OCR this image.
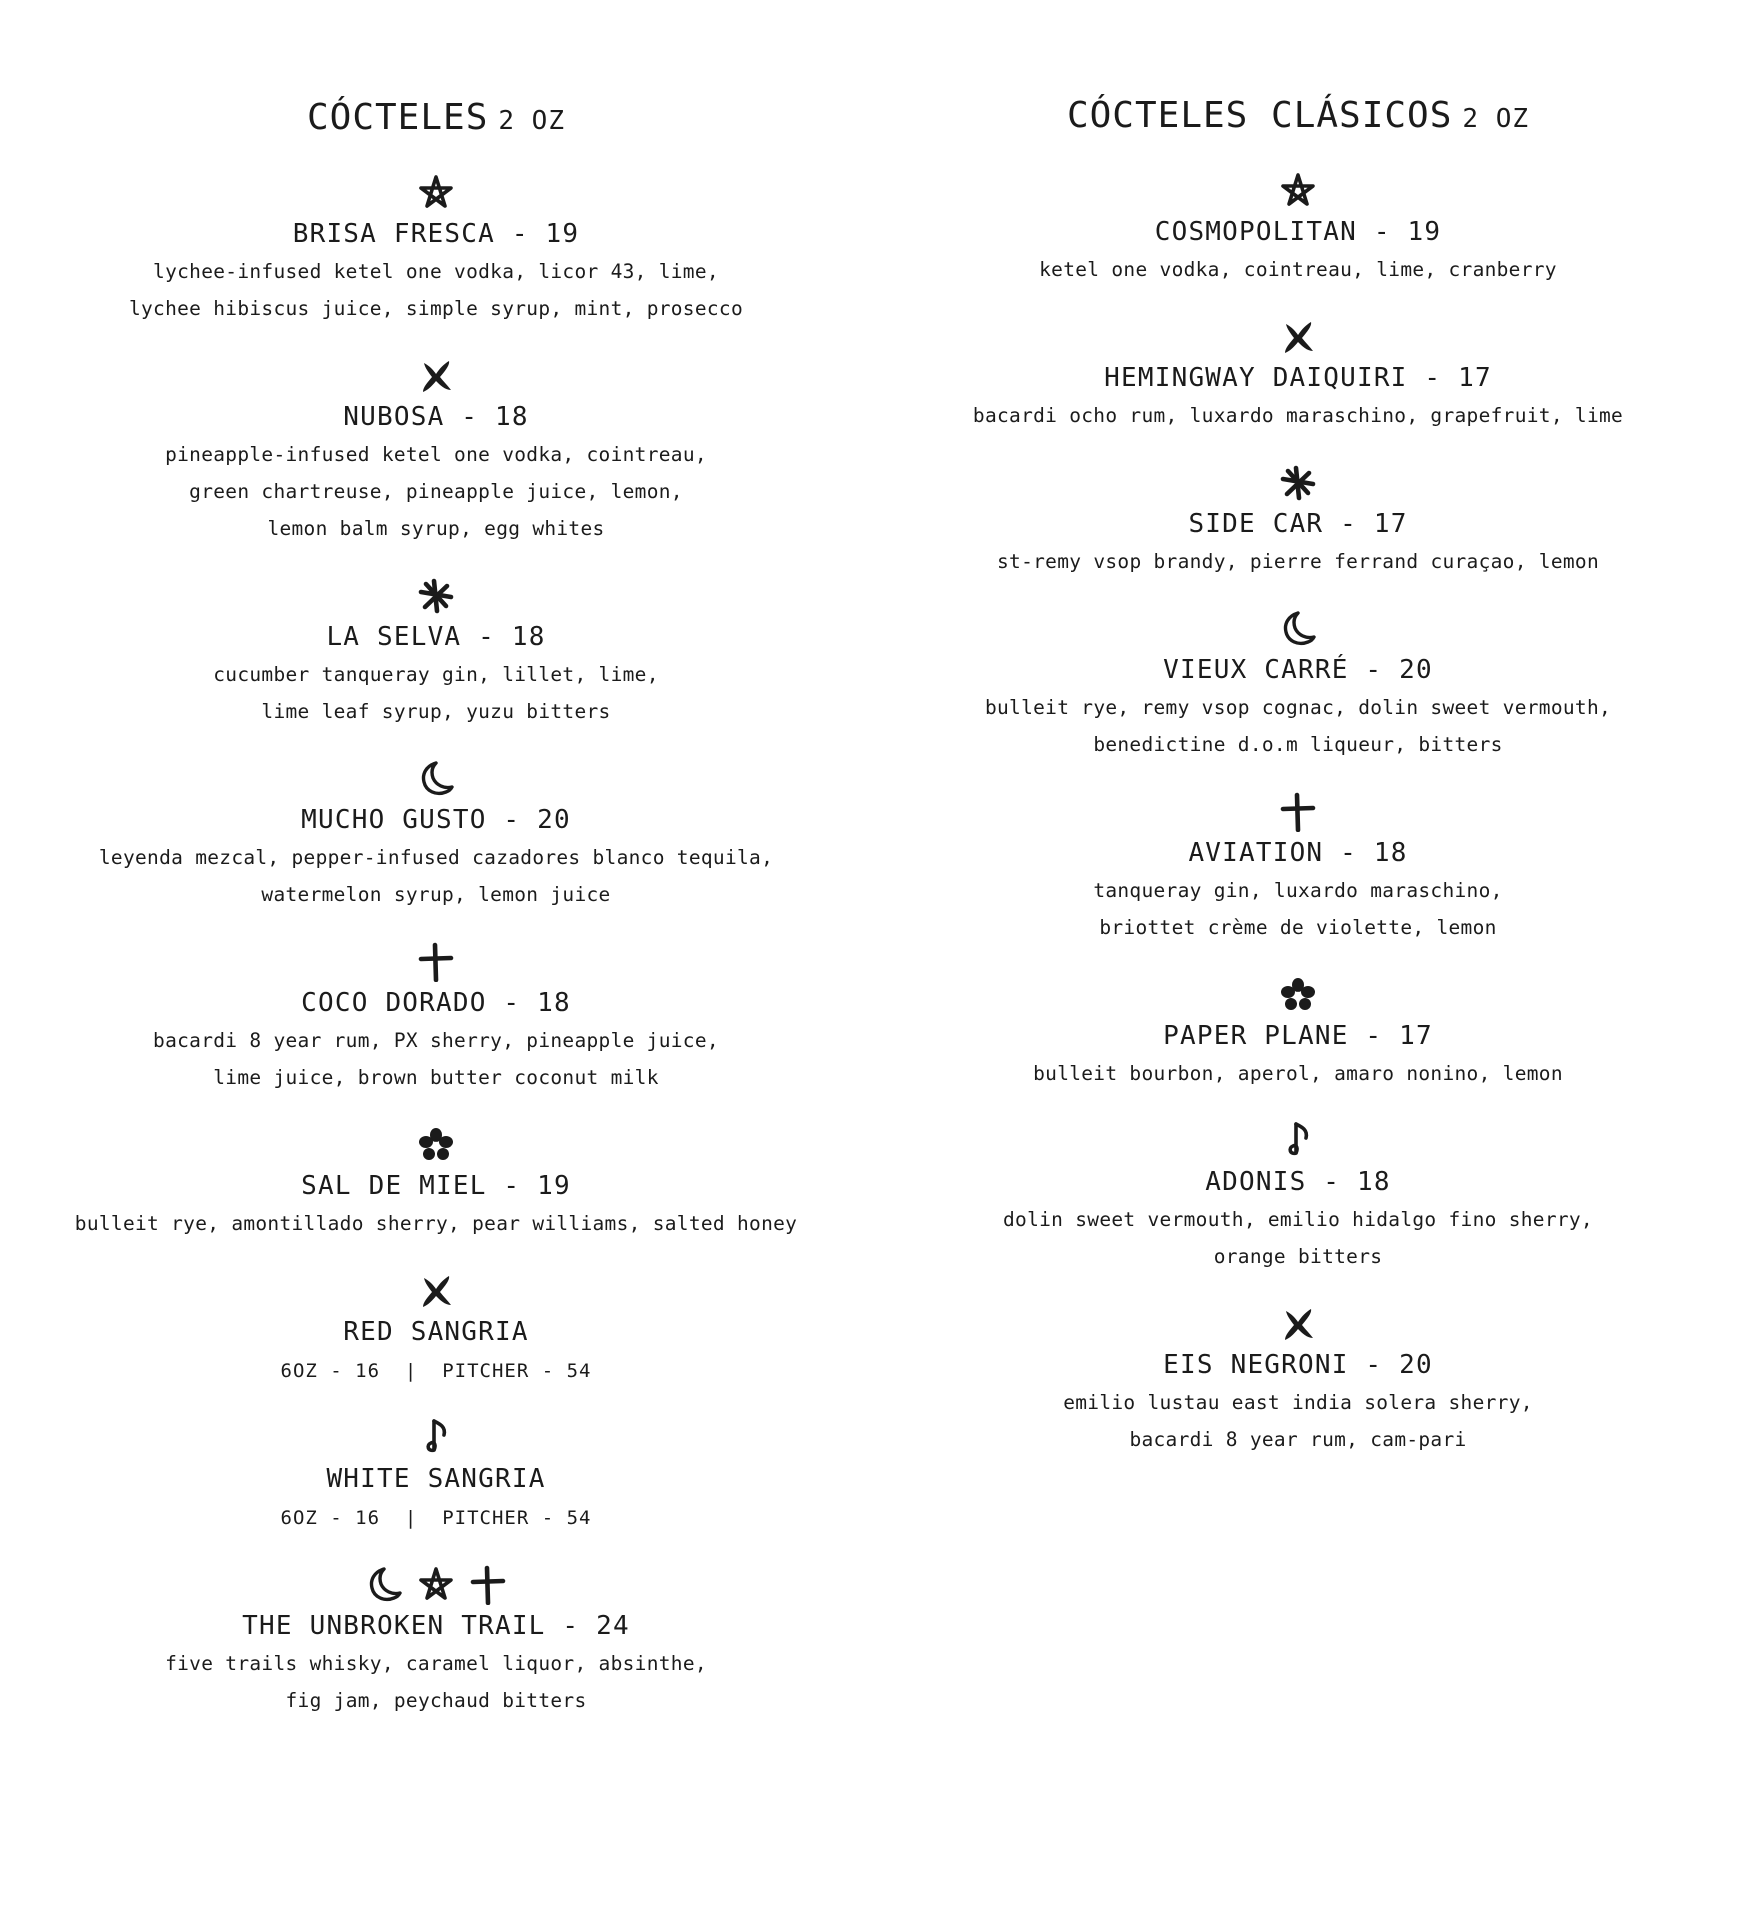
CÓCTELES 2 OZ
BRISA FRESCA - 19
lychee-infused ketel one vodka, licor 43, lime,
lychee hibiscus juice, simple syrup, mint, prosecco
NUBOSA - 18
pineapple-infused ketel one vodka, cointreau,
green chartreuse, pineapple juice, lemon,
lemon balm syrup, egg whites
LA SELVA - 18
cucumber tanqueray gin, lillet, lime,
lime leaf syrup, yuzu bitters
MUCHO GUSTO - 20
leyenda mezcal, pepper-infused cazadores blanco tequila,
watermelon syrup, lemon juice
COCO DORADO - 18
bacardi 8 year rum, PX sherry, pineapple juice,
lime juice, brown butter coconut milk
SAL DE MIEL - 19
bulleit rye, amontillado sherry, pear williams, salted honey
RED SANGRIA
6OZ - 16  |  PITCHER - 54
WHITE SANGRIA
6OZ - 16  |  PITCHER - 54
THE UNBROKEN TRAIL - 24
five trails whisky, caramel liquor, absinthe,
fig jam, peychaud bitters
CÓCTELES CLÁSICOS 2 OZ
COSMOPOLITAN - 19
ketel one vodka, cointreau, lime, cranberry
HEMINGWAY DAIQUIRI - 17
bacardi ocho rum, luxardo maraschino, grapefruit, lime
SIDE CAR - 17
st-remy vsop brandy, pierre ferrand curaçao, lemon
VIEUX CARRÉ - 20
bulleit rye, remy vsop cognac, dolin sweet vermouth,
benedictine d.o.m liqueur, bitters
AVIATION - 18
tanqueray gin, luxardo maraschino,
briottet crème de violette, lemon
PAPER PLANE - 17
bulleit bourbon, aperol, amaro nonino, lemon
ADONIS - 18
dolin sweet vermouth, emilio hidalgo fino sherry,
orange bitters
EIS NEGRONI - 20
emilio lustau east india solera sherry,
bacardi 8 year rum, cam-pari
